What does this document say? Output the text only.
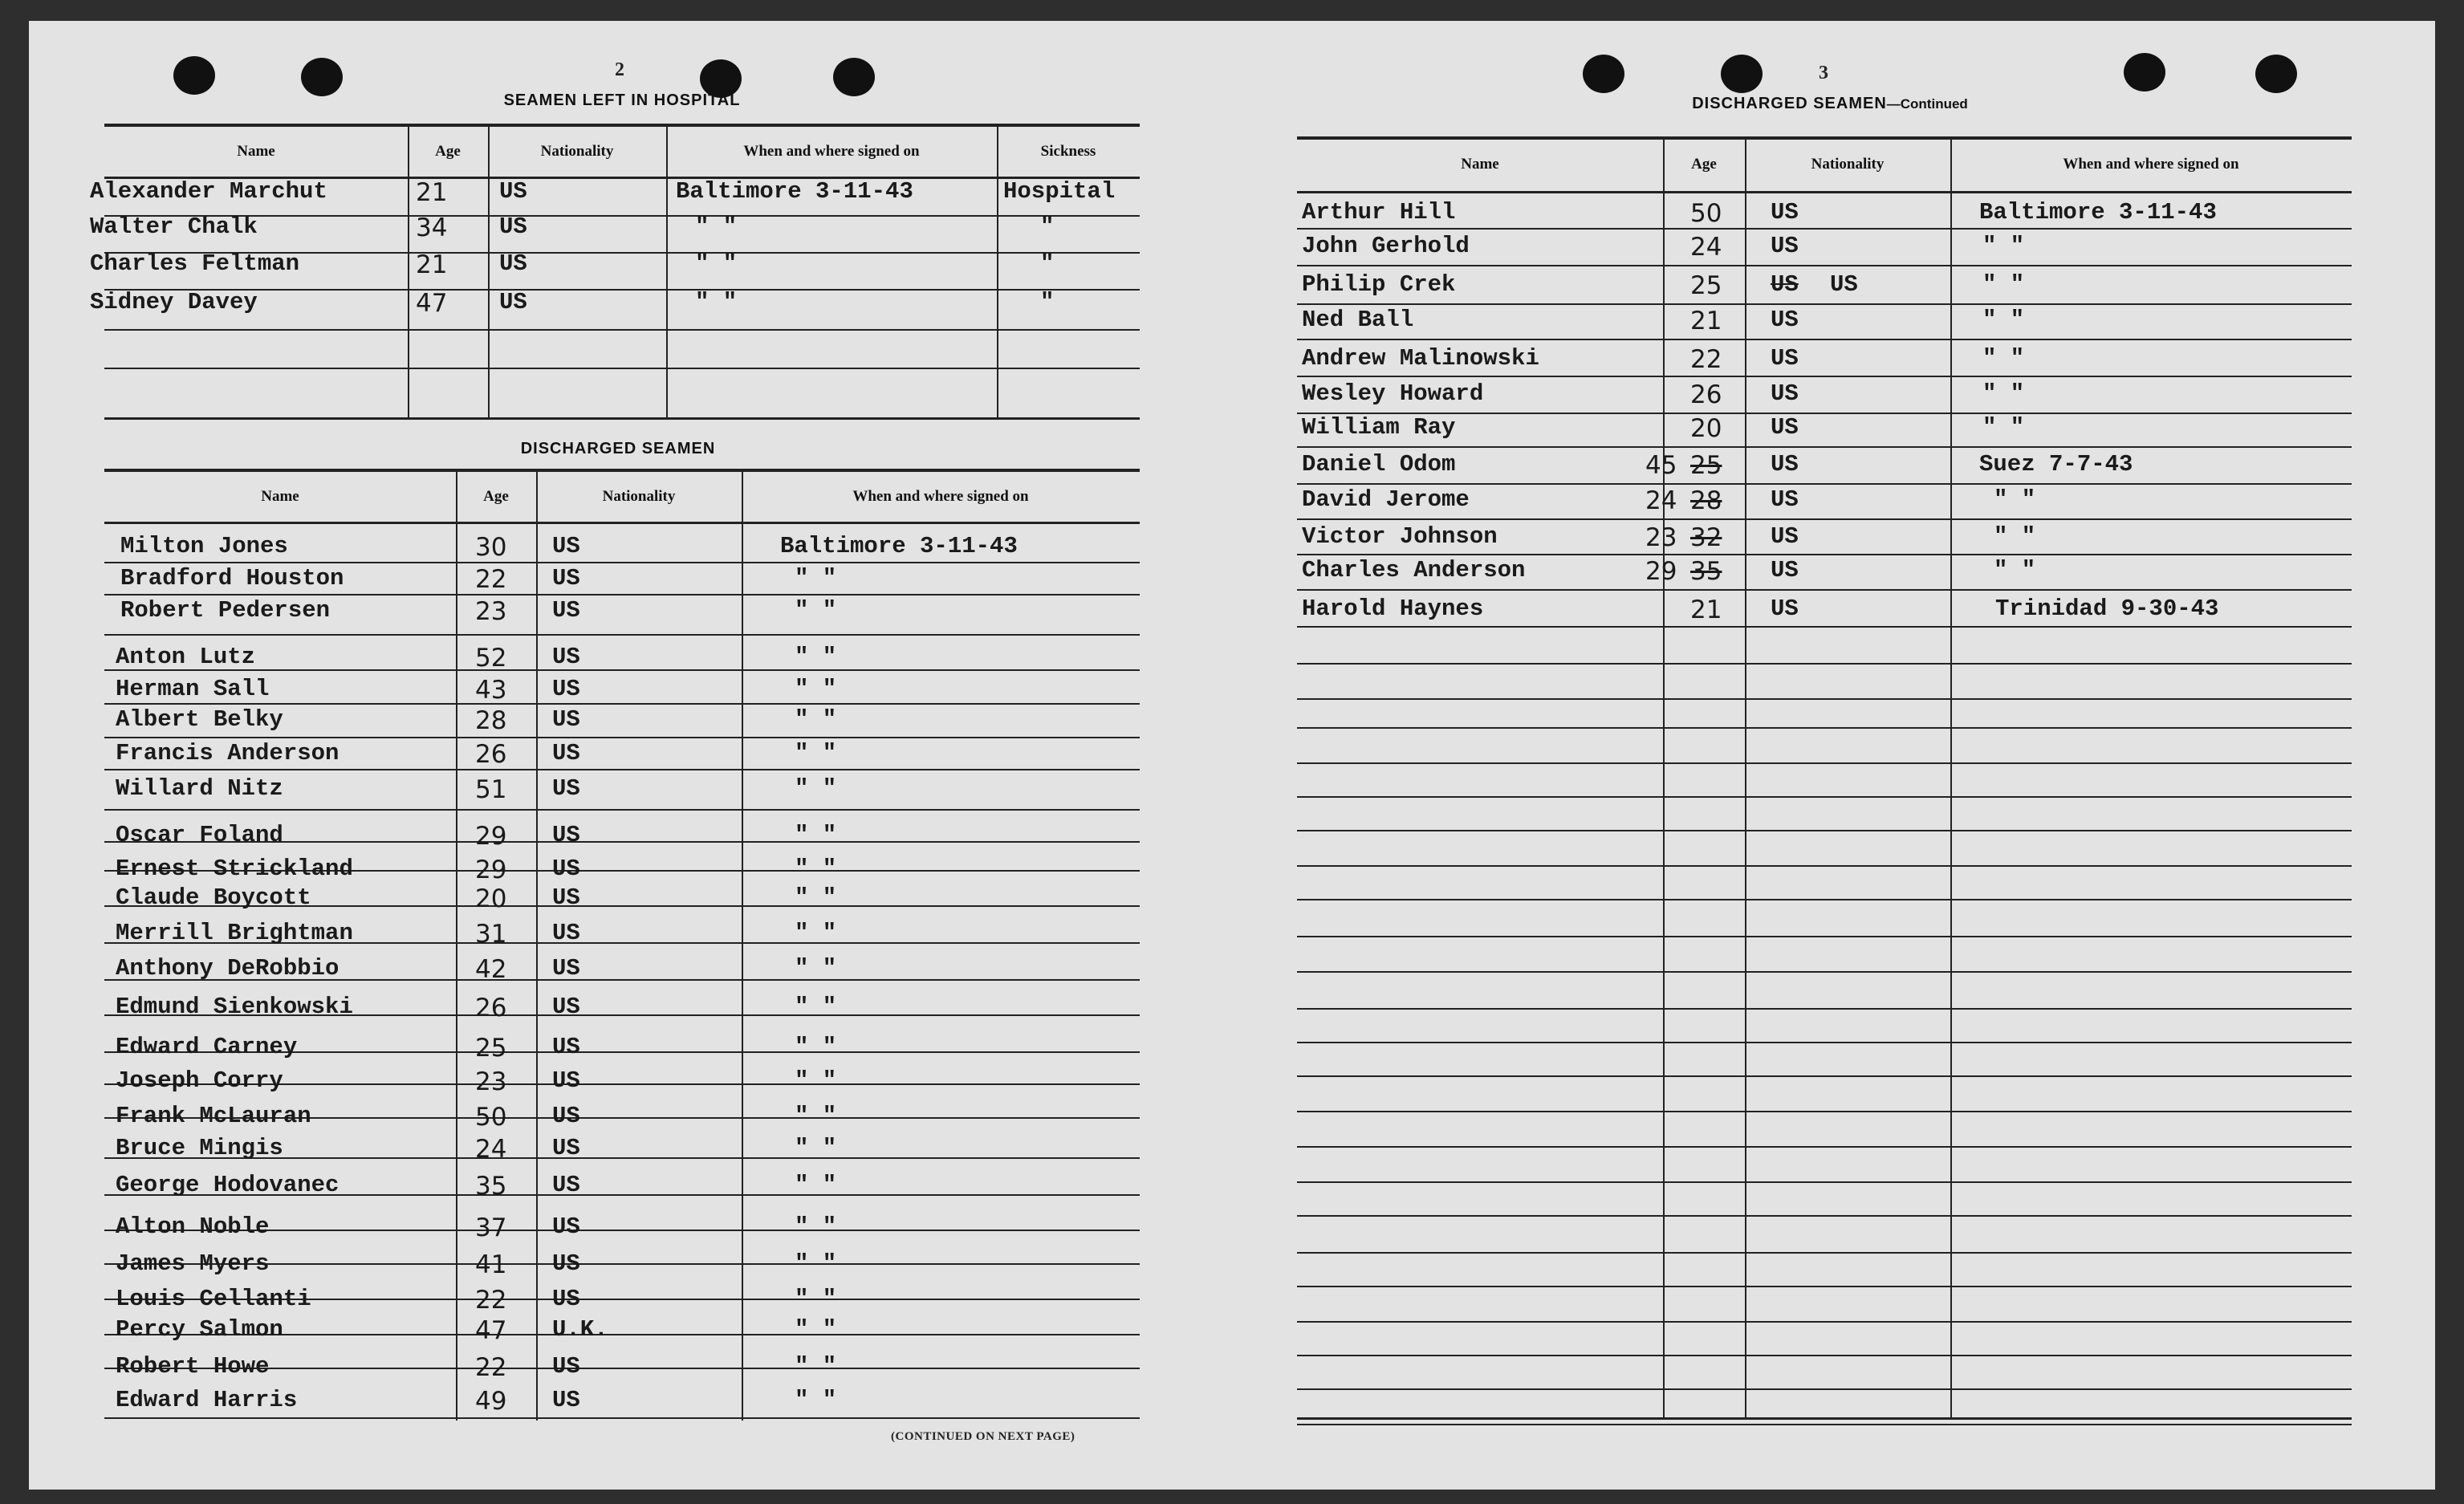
2
SEAMEN LEFT IN HOSPITAL
Name	Age	Nationality	When and where signed on	Sickness
Alexander Marchut	21 US	Baltimore 3-11-43	Hospital
Walter Chalk	34 US	" "	"
Charles Feltman	21 US	" "	"
Sidney Davey	47 US	" "	"
DISCHARGED SEAMEN
Name	Age	Nationality	When and where signed on
Milton Jones	30 US	Baltimore 3-11-43
Bradford Houston	22 US	" "
Robert Pedersen	23 US	" "
Anton Lutz	52 US	" "
Herman Sall	43 US	" "
Albert Belky	28 US	" "
Francis Anderson	26 US	" "
Willard Nitz	51 US	" "
Oscar Foland	29 US	" "
Ernest Strickland	29 US	" "
Claude Boycott	20 US	" "
Merrill Brightman	31 US	" "
Anthony DeRobbio	42 US	" "
Edmund Sienkowski	26 US	" "
Edward Carney	25 US	" "
Joseph Corry	23 US	" "
Frank McLauran	50 US	" "
Bruce Mingis	24 US	" "
George Hodovanec	35 US	" "
Alton Noble	37 US	" "
James Myers	41 US	" "
Louis Cellanti	22 US	" "
Percy Salmon	47 U.K.	" "
Robert Howe	22 US	" "
Edward Harris	49 US	" "
(CONTINUED ON NEXT PAGE)
3
DISCHARGED SEAMEN—Continued
Name	Age	Nationality	When and where signed on
Arthur Hill	50 US	Baltimore 3-11-43
John Gerhold	24 US	" "
Philip Crek	25 US US	" "
Ned Ball	21 US	" "
Andrew Malinowski	22 US	" "
Wesley Howard	26 US	" "
William Ray	20 US	" "
Daniel Odom	45 25 US	Suez 7-7-43
David Jerome	24 28 US	" "
Victor Johnson	23 32 US	" "
Charles Anderson	29 35 US	" "
Harold Haynes	21 US	Trinidad 9-30-43
